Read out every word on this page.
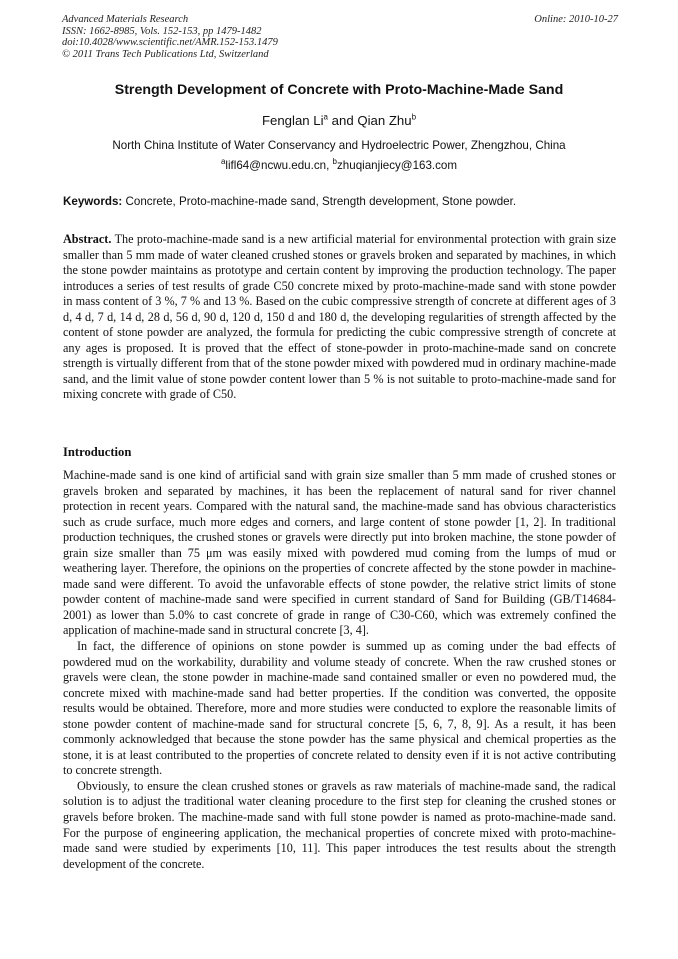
Advanced Materials Research
ISSN: 1662-8985, Vols. 152-153, pp 1479-1482
doi:10.4028/www.scientific.net/AMR.152-153.1479
© 2011 Trans Tech Publications Ltd, Switzerland
Online: 2010-10-27
Strength Development of Concrete with Proto-Machine-Made Sand
Fenglan Li$^a$ and Qian Zhu$^b$
North China Institute of Water Conservancy and Hydroelectric Power, Zhengzhou, China
$^a$lifl64@ncwu.edu.cn, $^b$zhuqianjiecy@163.com
Keywords: Concrete, Proto-machine-made sand, Strength development, Stone powder.
Abstract. The proto-machine-made sand is a new artificial material for environmental protection with grain size smaller than 5 mm made of water cleaned crushed stones or gravels broken and separated by machines, in which the stone powder maintains as prototype and certain content by improving the production technology. The paper introduces a series of test results of grade C50 concrete mixed by proto-machine-made sand with stone powder in mass content of 3 %, 7 % and 13 %. Based on the cubic compressive strength of concrete at different ages of 3 d, 4 d, 7 d, 14 d, 28 d, 56 d, 90 d, 120 d, 150 d and 180 d, the developing regularities of strength affected by the content of stone powder are analyzed, the formula for predicting the cubic compressive strength of concrete at any ages is proposed. It is proved that the effect of stone-powder in proto-machine-made sand on concrete strength is virtually different from that of the stone powder mixed with powdered mud in ordinary machine-made sand, and the limit value of stone powder content lower than 5 % is not suitable to proto-machine-made sand for mixing concrete with grade of C50.
Introduction

Machine-made sand is one kind of artificial sand with grain size smaller than 5 mm made of crushed stones or gravels broken and separated by machines, it has been the replacement of natural sand for river channel protection in recent years. Compared with the natural sand, the machine-made sand has obvious characteristics such as crude surface, much more edges and corners, and large content of stone powder [1, 2]. In traditional production techniques, the crushed stones or gravels were directly put into broken machine, the stone powder of grain size smaller than 75 μm was easily mixed with powdered mud coming from the lumps of mud or weathering layer. Therefore, the opinions on the properties of concrete affected by the stone powder in machine-made sand were different. To avoid the unfavorable effects of stone powder, the relative strict limits of stone powder content of machine-made sand were specified in current standard of Sand for Building (GB/T14684-2001) as lower than 5.0% to cast concrete of grade in range of C30-C60, which was extremely confined the application of machine-made sand in structural concrete [3, 4].

In fact, the difference of opinions on stone powder is summed up as coming under the bad effects of powdered mud on the workability, durability and volume steady of concrete. When the raw crushed stones or gravels were clean, the stone powder in machine-made sand contained smaller or even no powdered mud, the concrete mixed with machine-made sand had better properties. If the condition was converted, the opposite results would be obtained. Therefore, more and more studies were conducted to explore the reasonable limits of stone powder content of machine-made sand for structural concrete [5, 6, 7, 8, 9]. As a result, it has been commonly acknowledged that because the stone powder has the same physical and chemical properties as the stone, it is at least contributed to the properties of concrete related to density even if it is not active contributing to concrete strength.

Obviously, to ensure the clean crushed stones or gravels as raw materials of machine-made sand, the radical solution is to adjust the traditional water cleaning procedure to the first step for cleaning the crushed stones or gravels before broken. The machine-made sand with full stone powder is named as proto-machine-made sand. For the purpose of engineering application, the mechanical properties of concrete mixed with proto-machine-made sand were studied by experiments [10, 11]. This paper introduces the test results about the strength development of the concrete.
